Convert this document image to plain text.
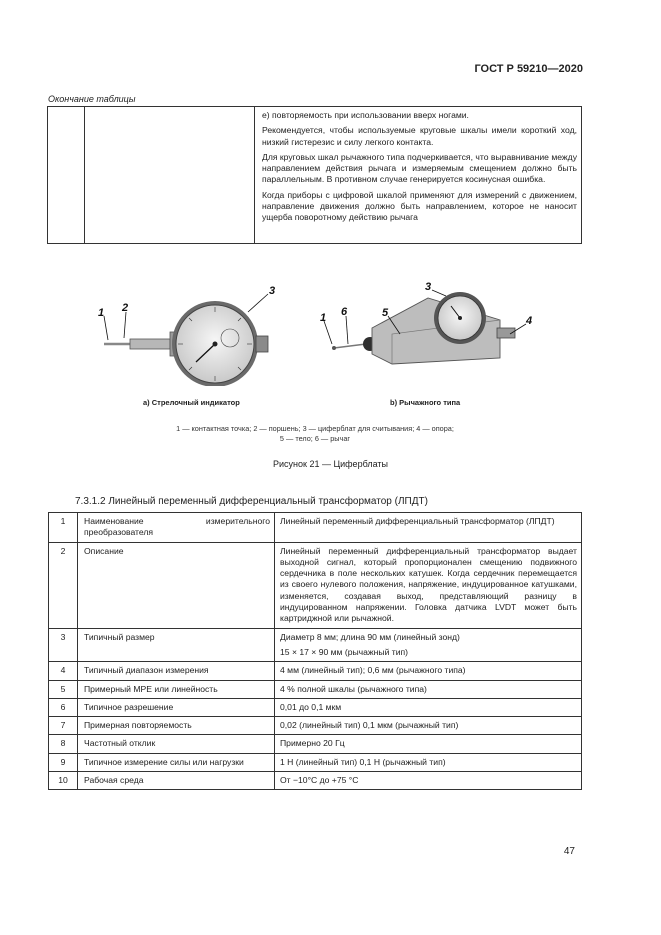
ГОСТ Р 59210—2020
Окончание таблицы

е) повторяемость при использовании вверх ногами.

Рекомендуется, чтобы используемые круговые шкалы имели короткий ход, низкий гистерезис и силу легкого контакта.

Для круговых шкал рычажного типа подчеркивается, что выравнивание между направлением действия рычага и измеряемым смещением должно быть параллельным. В противном случае генерируется косинусная ошибка.

Когда приборы с цифровой шкалой применяют для измерений с движением, направление движения должно быть направлением, которое не наносит ущерба поворотному действию рычага

1 2
3
1 6	5
3
4
а) Стрелочный индикатор	b) Рычажного типа
1 — контактная точка; 2 — поршень; 3 — циферблат для считывания; 4 — опора;
5 — тело; 6 — рычаг
Рисунок 21 — Циферблаты
7.3.1.2 Линейный переменный дифференциальный трансформатор (ЛПДТ)
1	Наименование измерительного преобразователя	Линейный переменный дифференциальный трансформатор (ЛПДТ)
2	Описание	Линейный переменный дифференциальный трансформатор выдает выходной сигнал, который пропорционален смещению подвижного сердечника в поле нескольких катушек. Когда сердечник перемещается из своего нулевого положения, напряжение, индуцированное катушками, изменяется, создавая выход, представляющий разницу в индуцированном напряжении. Головка датчика LVDT может быть картриджной или рычажной.
3	Типичный размер	Диаметр 8 мм; длина 90 мм (линейный зонд)
15 × 17 × 90 мм (рычажный тип)

4	Типичный диапазон измерения	4 мм (линейный тип); 0,6 мм (рычажного типа)
5	Примерный MPE или линейность	4 % полной шкалы (рычажного типа)
6	Типичное разрешение	0,01 до 0,1 мкм
7	Примерная повторяемость	0,02 (линейный тип) 0,1 мкм (рычажный тип)
8	Частотный отклик	Примерно 20 Гц
9	Типичное измерение силы или нагрузки	1 Н (линейный тип) 0,1 Н (рычажный тип)
10	Рабочая среда	От −10°С до +75 °С
47
